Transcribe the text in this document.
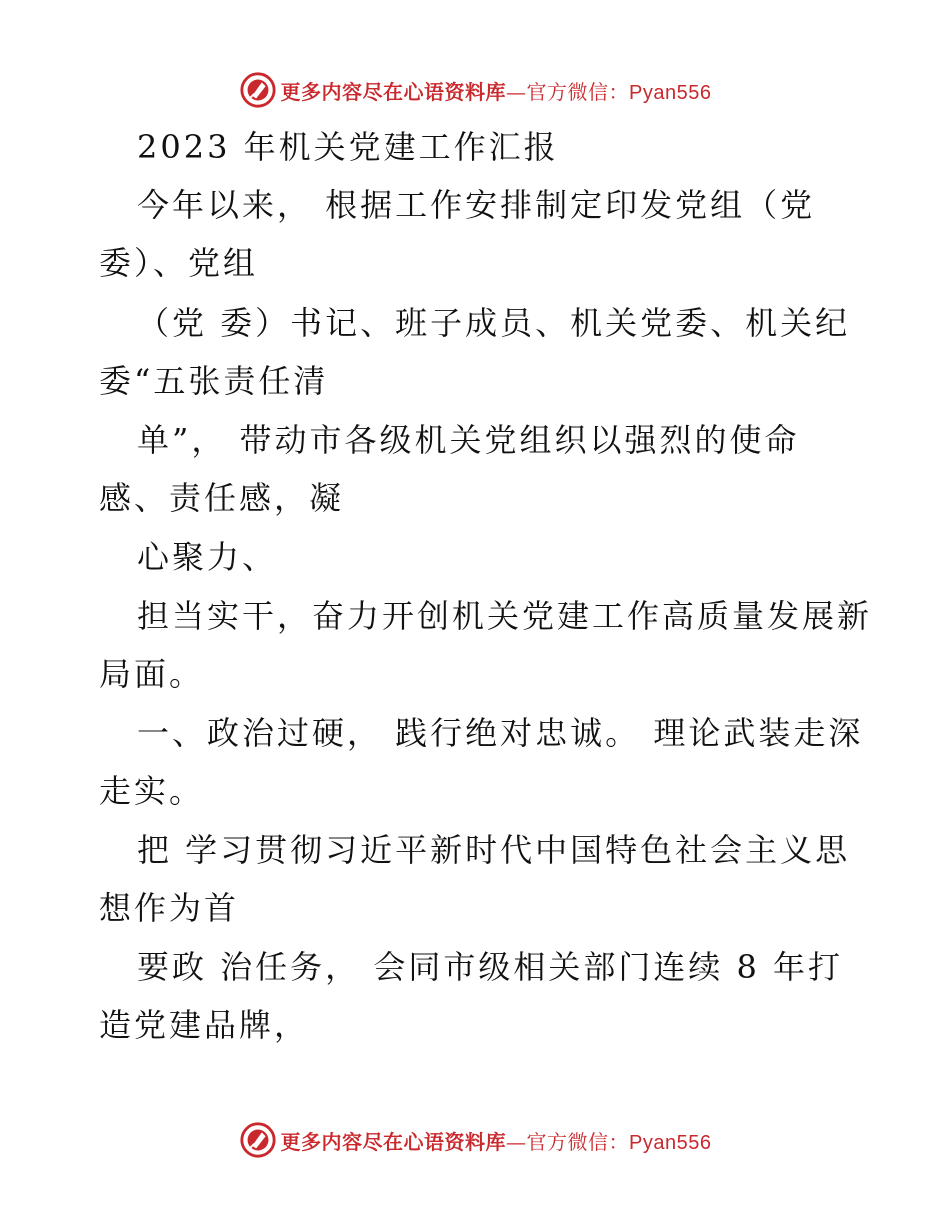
更多内容尽在心语资料库—官方微信：Pyan556
2023 年机关党建工作汇报
今年以来， 根据工作安排制定印发党组（党
委）、党组
（党 委）书记、班子成员、机关党委、机关纪
委“五张责任清
单”， 带动市各级机关党组织以强烈的使命
感、责任感，凝
心聚力、
担当实干，奋力开创机关党建工作高质量发展新
局面。
一、政治过硬， 践行绝对忠诚。 理论武装走深
走实。
把 学习贯彻习近平新时代中国特色社会主义思
想作为首
要政 治任务， 会同市级相关部门连续 8 年打
造党建品牌，
更多内容尽在心语资料库—官方微信：Pyan556
